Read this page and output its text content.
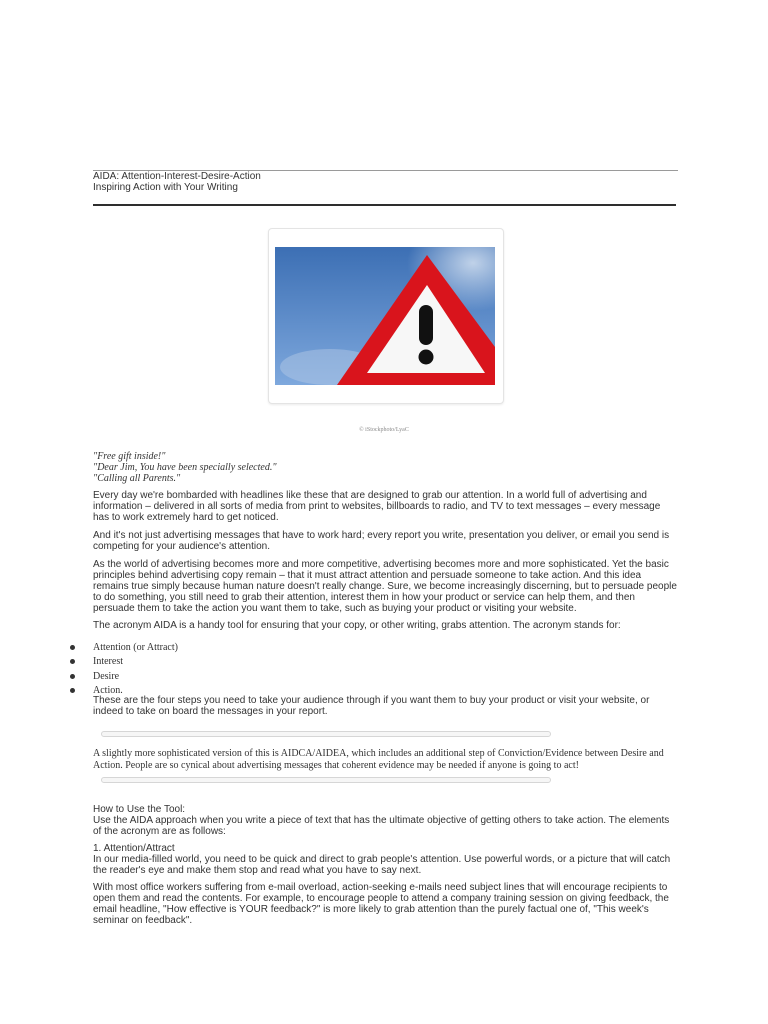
AIDA: Attention-Interest-Desire-Action
Inspiring Action with Your Writing
© iStockphoto/LyaC
"Free gift inside!"
"Dear Jim, You have been specially selected."
"Calling all Parents."

Every day we're bombarded with headlines like these that are designed to grab our attention. In a world full of advertising and information – delivered in all sorts of media from print to websites, billboards to radio, and TV to text messages – every message has to work extremely hard to get noticed.

And it's not just advertising messages that have to work hard; every report you write, presentation you deliver, or email you send is competing for your audience's attention.

As the world of advertising becomes more and more competitive, advertising becomes more and more sophisticated. Yet the basic principles behind advertising copy remain – that it must attract attention and persuade someone to take action. And this idea remains true simply because human nature doesn't really change. Sure, we become increasingly discerning, but to persuade people to do something, you still need to grab their attention, interest them in how your product or service can help them, and then persuade them to take the action you want them to take, such as buying your product or visiting your website.

The acronym AIDA is a handy tool for ensuring that your copy, or other writing, grabs attention. The acronym stands for:

Attention (or Attract)
Interest
Desire
Action.

These are the four steps you need to take your audience through if you want them to buy your product or visit your website, or indeed to take on board the messages in your report.

A slightly more sophisticated version of this is AIDCA/AIDEA, which includes an additional step of Conviction/Evidence between Desire and Action. People are so cynical about advertising messages that coherent evidence may be needed if anyone is going to act!

How to Use the Tool:
Use the AIDA approach when you write a piece of text that has the ultimate objective of getting others to take action. The elements of the acronym are as follows:
1. Attention/Attract
In our media-filled world, you need to be quick and direct to grab people's attention. Use powerful words, or a picture that will catch the reader's eye and make them stop and read what you have to say next.

With most office workers suffering from e-mail overload, action-seeking e-mails need subject lines that will encourage recipients to open them and read the contents. For example, to encourage people to attend a company training session on giving feedback, the email headline, "How effective is YOUR feedback?" is more likely to grab attention than the purely factual one of, "This week's seminar on feedback".
